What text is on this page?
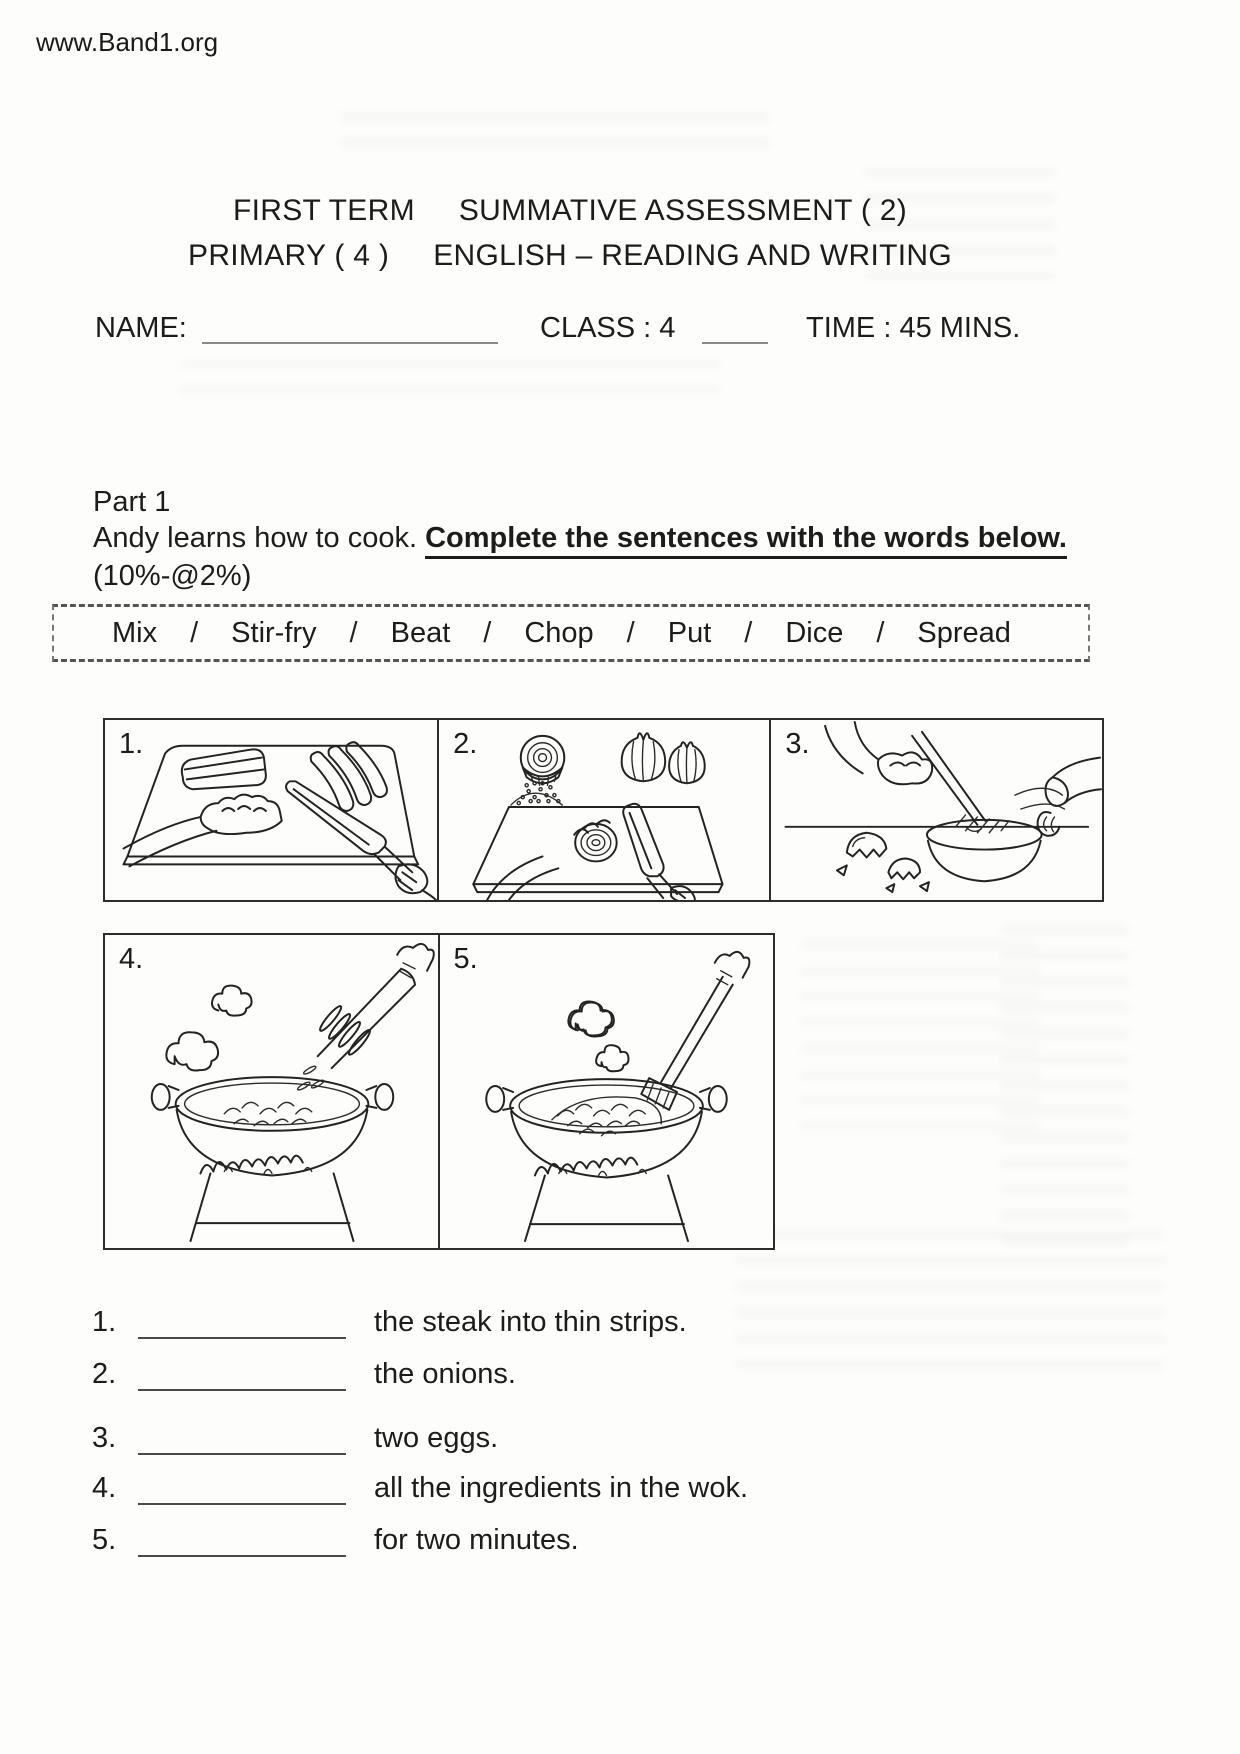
www.Band1.org
FIRST TERM SUMMATIVE ASSESSMENT ( 2)
PRIMARY ( 4 ) ENGLISH – READING AND WRITING
NAME:	CLASS : 4	TIME : 45 MINS.
Part 1
Andy learns how to cook. Complete the sentences with the words below.
(10%-@2%)
Mix / Stir-fry / Beat / Chop / Put / Dice / Spread
1.	2.	3.
4.	5.
1.	the steak into thin strips.
2.	the onions.
3.	two eggs.
4.	all the ingredients in the wok.
5.	for two minutes.
